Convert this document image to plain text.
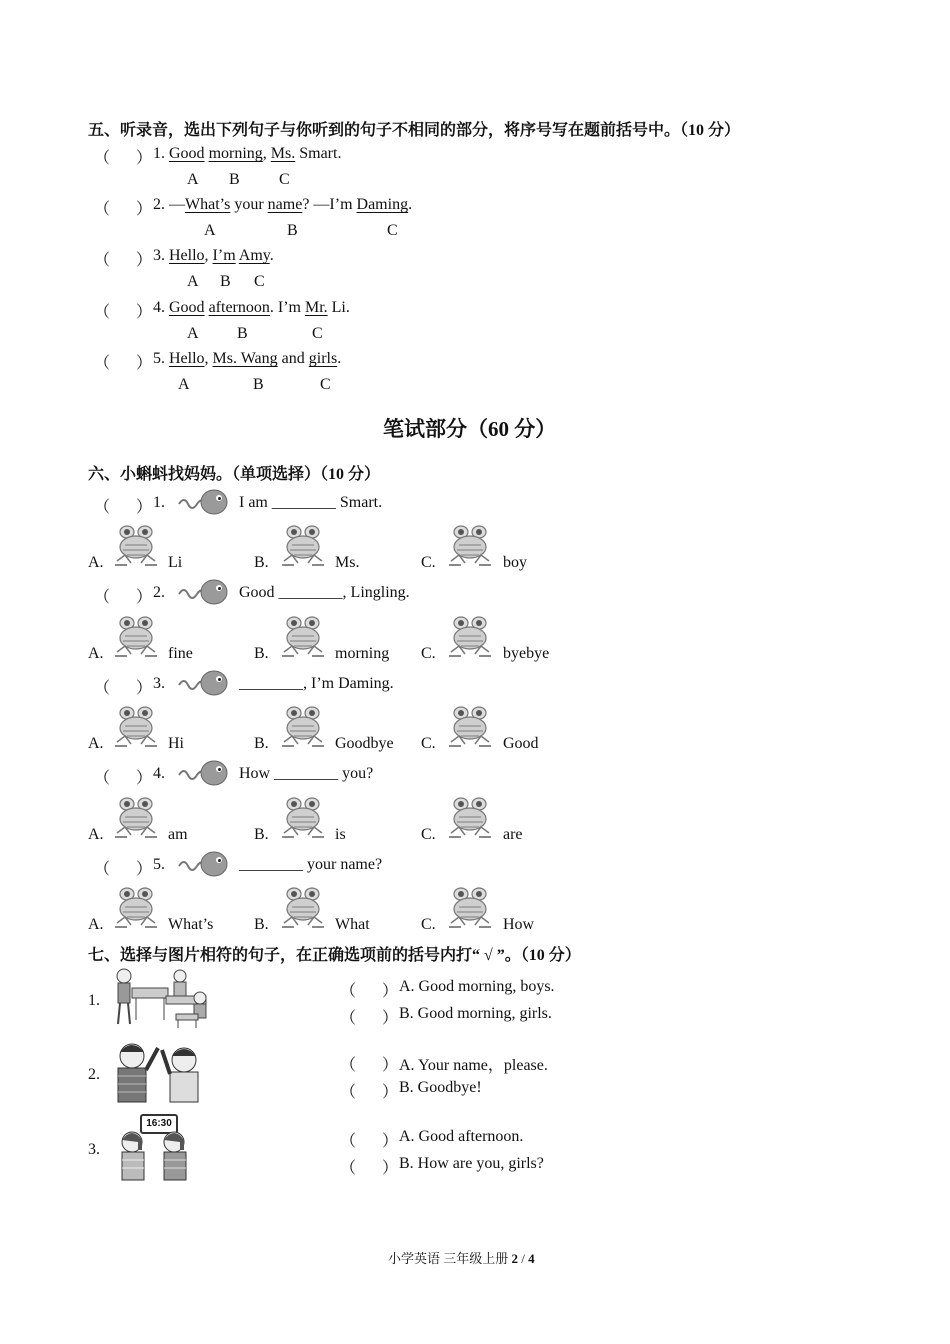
五、听录音，选出下列句子与你听到的句子不相同的部分，将序号写在题前括号中。（10 分）
（ ） 1. Good morning, Ms. Smart.
A B C
（ ） 2. —What’s your name? —I’m Daming.
A	B	C
（ ） 3. Hello, I’m Amy.
A B C
（ ） 4. Good afternoon. I’m Mr. Li.
A B	C
（ ） 5. Hello, Ms. Wang and girls.
A	B	C
笔试部分（60 分）
六、小蝌蚪找妈妈。（单项选择）（10 分）
（ ） 1.	I am ________ Smart.
A.	Li	B.	Ms.	C.	boy
（ ） 2.	Good ________, Lingling.
A.	fine	B.	morning C.	byebye
（ ） 3.	________, I’m Daming.
A.	Hi	B.	Goodbye C.	Good
（ ） 4.	How ________ you?
A.	am	B.	is	C.	are
（ ） 5.	________ your name?
A.	What’s	B.	What	C.	How
七、选择与图片相符的句子，在正确选项前的括号内打“ √ ”。（10 分）
1.
（ ） A. Good morning, boys.
（ ） B. Good morning, girls.
2.
（ ） A. Your name，please.
（ ） B. Goodbye!
3.
16:30
（ ） A. Good afternoon.
（ ） B. How are you, girls?
小学英语 三年级上册 2 / 4
